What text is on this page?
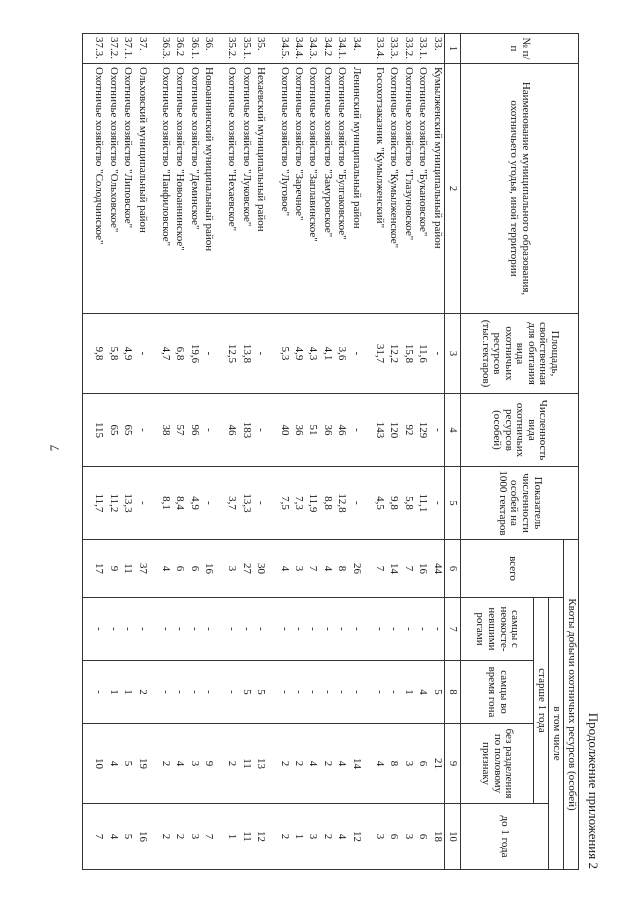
7
Продолжение приложения 2
№ п/п	Наименование муниципального образования, охотничьего угодья, иной территории	Площадь, свойственная для обитания вида охотничьих ресурсов (тыс.гектаров)	Численность вида охотничьих ресурсов (особей)	Показатель численности особей на 1000 гектаров	Квоты добычи охотничьих ресурсов (особей)				
					всего	в том числе			
						старше 1 года			до 1 года
						самцы с неокосте-невшими рогами	самцы во время гона	без разделения по половому признаку	
1	2	3	4	5	6	7	8	9	10
33.	Кумылженский муниципальный район	-	-	-	44	-	5	21	18
33.1.	Охотничье хозяйство "Букановское"	11,6	129	11,1	16	-	4	6	6
33.2.	Охотничье хозяйство "Глазуновское"	15,8	92	5,8	7	-	1	3	3
33.3.	Охотничье хозяйство "Кумылженское"	12,2	120	9,8	14	-	-	8	6
33.4.	Госохотзаказник "Кумылженский"	31,7	143	4,5	7	-	-	4	3

34.	Ленинский муниципальный район	-	-	-	26	-	-	14	12
34.1.	Охотничье хозяйство "Булгаковское"	3,6	46	12,8	8	-	-	4	4
34.2	Охотничье хозяйство "Замуровское"	4,1	36	8,8	4	-	-	2	2
34.3.	Охотничье хозяйство "Заплавинское"	4,3	51	11,9	7	-	-	4	3
34.4.	Охотничье хозяйство "Заречное"	4,9	36	7,3	3	-	-	2	1
34.5.	Охотничье хозяйство "Луговое"	5,3	40	7,5	4	-	-	2	2

35.	Нехаевский муниципальный район	-	-	-	30	-	5	13	12
35.1.	Охотничье хозяйство "Луковское"	13,8	183	13,3	27	-	5	11	11
35.2.	Охотничье хозяйство "Нехаевское"	12,5	46	3,7	3	-	-	2	1

36.	Новоаннинский муниципальный район	-	-	-	16	-	-	9	7
36.1.	Охотничье хозяйство "Деминское"	19,6	96	4,9	6	-	-	3	3
36.2	Охотничье хозяйство "Новоаннинское"	6,8	57	8,4	6	-	-	4	2
36.3.	Охотничье хозяйство "Панфиловское"	4,7	38	8,1	4	-	-	2	2

37.	Ольховский муниципальный район	-	-	-	37	-	2	19	16
37.1.	Охотничье хозяйство "Липовское"	4,9	65	13,3	11	-	1	5	5
37.2.	Охотничье хозяйство "Ольховское"	5,8	65	11,2	9	-	1	4	4
37.3.	Охотничье хозяйство "Солодчинское"	9,8	115	11,7	17	-	-	10	7
